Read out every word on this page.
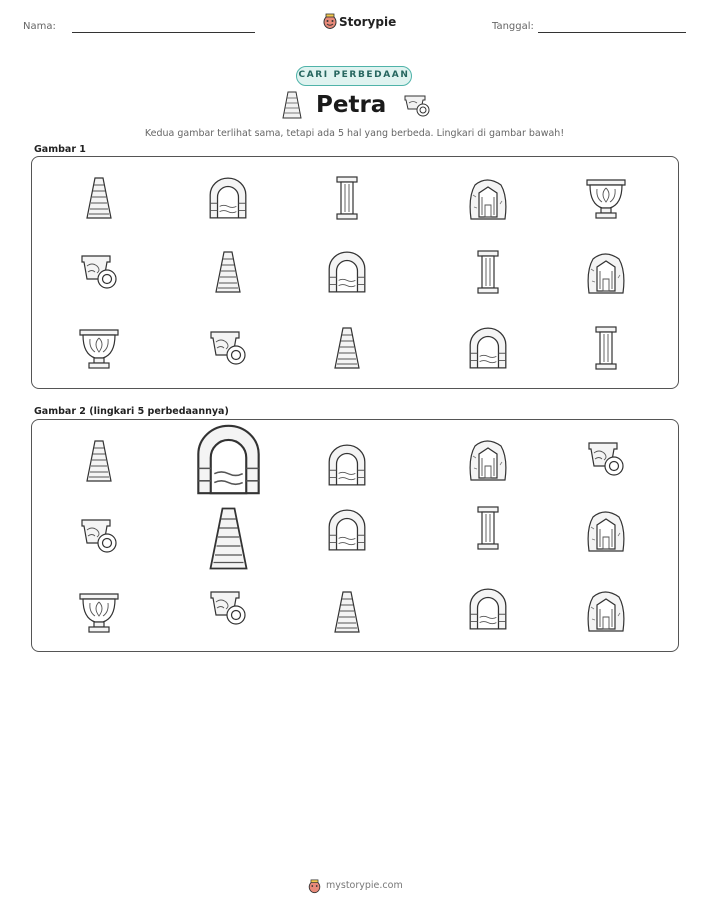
Nama:	Storypie	Tanggal:
CARI PERBEDAAN
Petra
Kedua gambar terlihat sama, tetapi ada 5 hal yang berbeda. Lingkari di gambar bawah!
Gambar 1
Gambar 2 (lingkari 5 perbedaannya)
mystorypie.com
